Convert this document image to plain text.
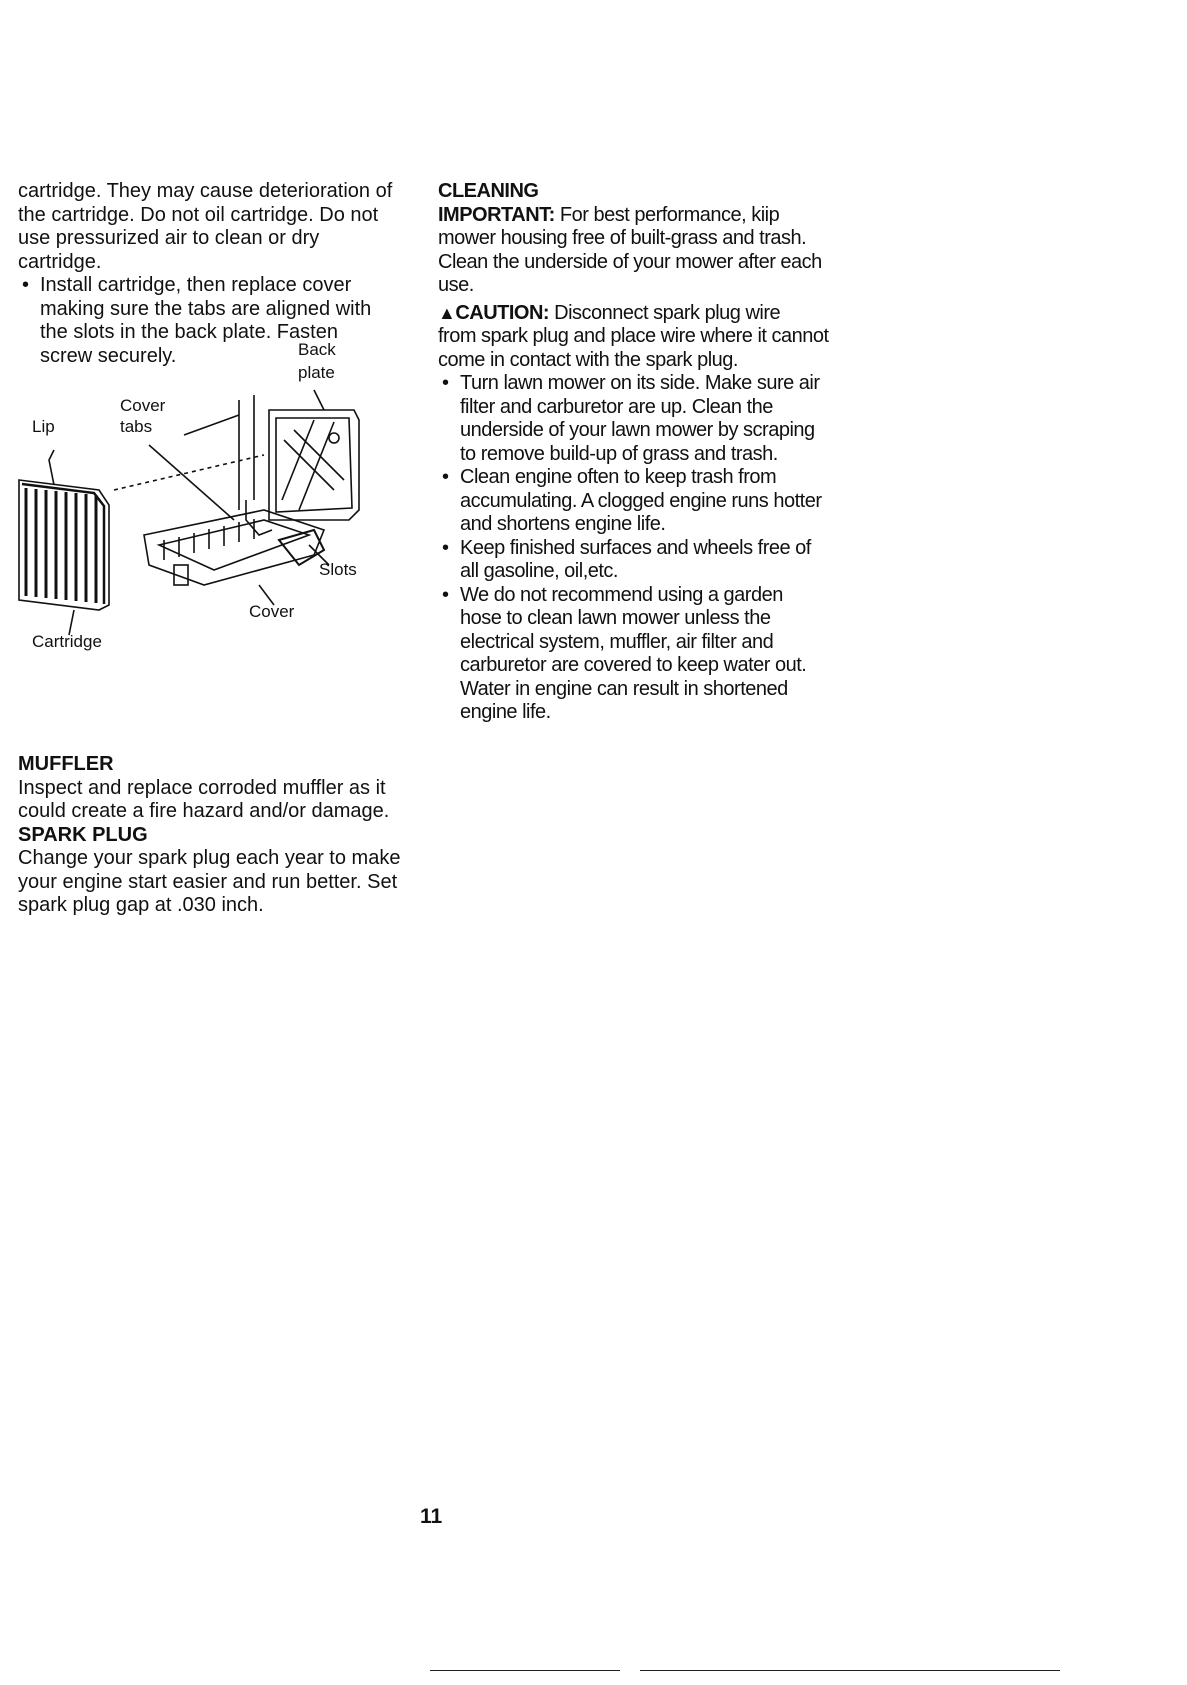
cartridge. They may cause deterioration of

the cartridge. Do not oil cartridge. Do not

use pressurized air to clean or dry

cartridge.

• Install cartridge, then replace cover
making sure the tabs are aligned with
the slots in the back plate. Fasten
screw securely.	Back
plate
Cover
tabs
Lip
Slots
Cover
Cartridge

MUFFLER

Inspect and replace corroded muffler as it

could create a fire hazard and/or damage.

SPARK PLUG

Change your spark plug each year to make

your engine start easier and run better. Set

spark plug gap at .030 inch.

CLEANING

IMPORTANT: For best performance, kiip

mower housing free of built-grass and trash.

Clean the underside of your mower after each

use.

▲CAUTION: Disconnect spark plug wire

from spark plug and place wire where it cannot

come in contact with the spark plug.

• Turn lawn mower on its side. Make sure air
filter and carburetor are up. Clean the
underside of your lawn mower by scraping
to remove build-up of grass and trash.
• Clean engine often to keep trash from
accumulating. A clogged engine runs hotter
and shortens engine life.
• Keep finished surfaces and wheels free of
all gasoline, oil,etc.
• We do not recommend using a garden
hose to clean lawn mower unless the
electrical system, muffler, air filter and
carburetor are covered to keep water out.
Water in engine can result in shortened
engine life.
11
